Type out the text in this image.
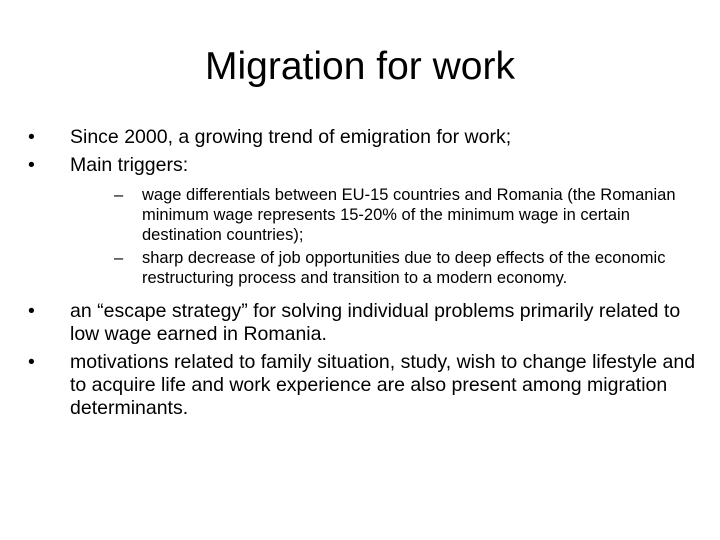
Migration for work
•
Since 2000, a growing trend of emigration for work;
•
Main triggers:
–
wage differentials between EU-15 countries and Romania (the Romanian minimum wage represents 15-20% of the minimum wage in certain destination countries);
–
sharp decrease of job opportunities due to deep effects of the economic restructuring process and transition to a modern economy.
•
an “escape strategy” for solving individual problems primarily related to low wage earned in Romania.
•
motivations related to family situation, study, wish to change lifestyle and to acquire life and work experience are also present among migration determinants.
